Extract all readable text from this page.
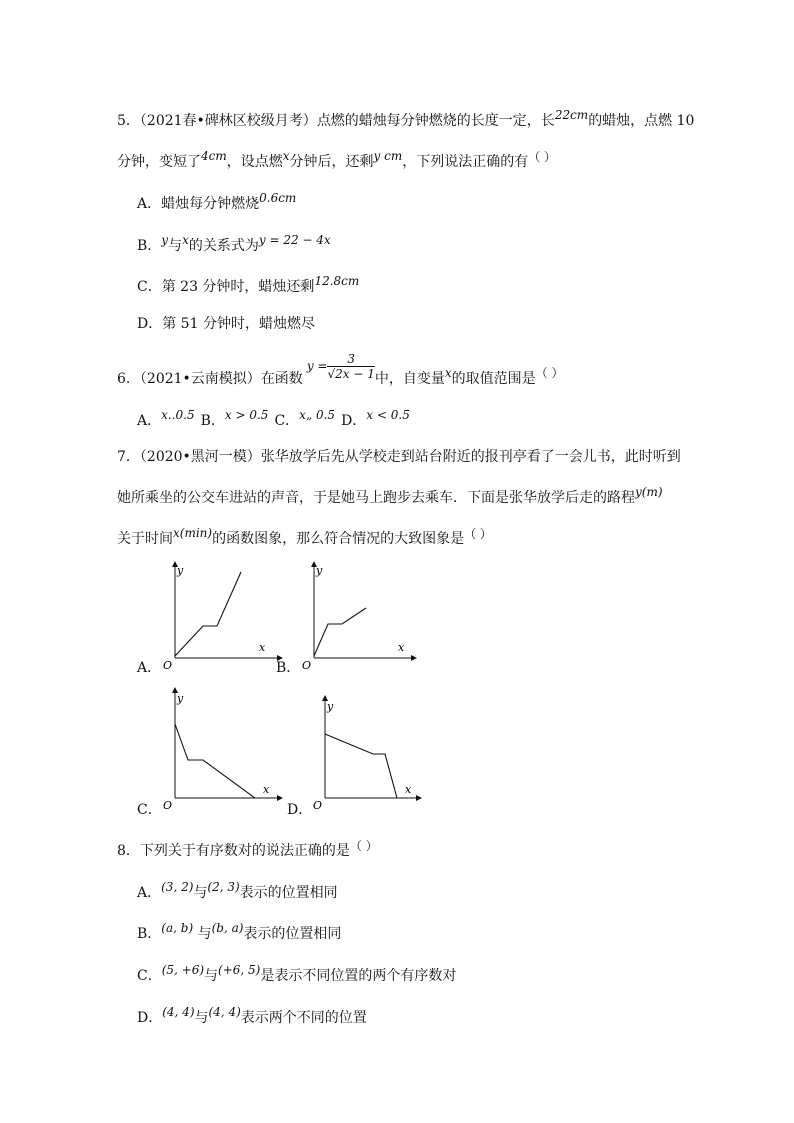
5．（2021春•碑林区校级月考）点燃的蜡烛每分钟燃烧的长度一定，长22cm的蜡烛，点燃 10
分钟，变短了4cm，设点燃x分钟后，还剩y cm，下列说法正确的有（ ）
A．蜡烛每分钟燃烧0.6cm
B．y与x的关系式为y = 22 − 4x
C．第 23 分钟时，蜡烛还剩12.8cm
D．第 51 分钟时，蜡烛燃尽
6．（2021•云南模拟）在函数$y = \frac{3}{√2x - 1}$ 中，自变量x的取值范围是（ ）
A．x..0.5 B．x > 0.5 C．x„ 0.5 D．x < 0.5
7．（2020•黑河一模）张华放学后先从学校走到站台附近的报刊亭看了一会儿书，此时听到
她所乘坐的公交车进站的声音，于是她马上跑步去乘车．下面是张华放学后走的路程y(m)
关于时间x(min)的函数图象，那么符合情况的大致图象是（ ）
A．
y
x
O	B．
y
x
O
C．
y
x
O	D．
y
x
O
8．下列关于有序数对的说法正确的是（ ）
A．(3, 2)与(2, 3)表示的位置相同
B．(a, b) 与(b, a)表示的位置相同
C．(5, +6)与(+6, 5)是表示不同位置的两个有序数对
D．(4, 4)与(4, 4)表示两个不同的位置
